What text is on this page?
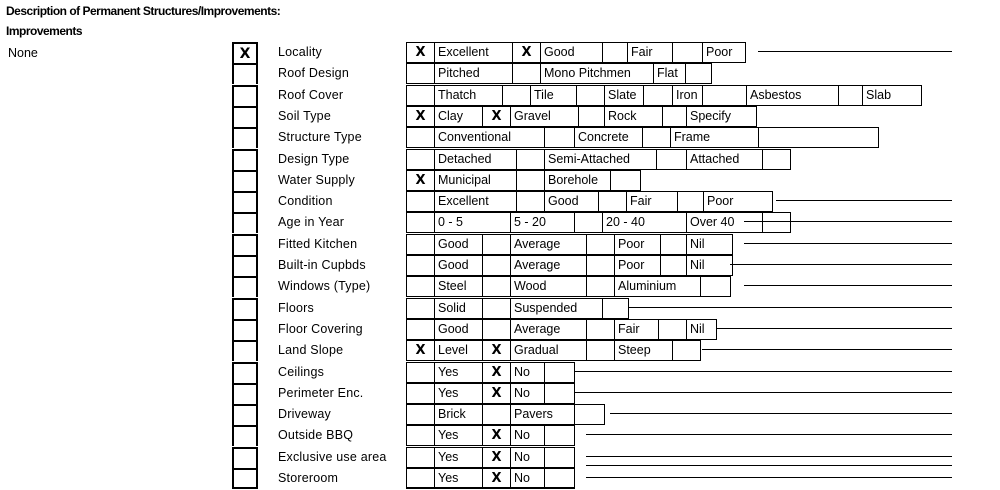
Description of Permanent Structures/Improvements:
Improvements
None	X	Locality	X Excellent	X Good	Fair	Poor
Roof Design	Pitched	Mono Pitchmen	Flat
Roof Cover	Thatch	Tile	Slate	Iron	Asbestos	Slab
Soil Type	X Clay	X Gravel	Rock	Specify
Structure Type	Conventional	Concrete	Frame
Design Type	Detached	Semi-Attached	Attached
Water Supply	X Municipal	Borehole
Condition	Excellent	Good	Fair	Poor
Age in Year	0 - 5	5 - 20	20 - 40	Over 40
Fitted Kitchen	Good	Average	Poor	Nil
Built-in Cupbds	Good	Average	Poor	Nil
Windows (Type)	Steel	Wood	Aluminium
Floors	Solid	Suspended
Floor Covering	Good	Average	Fair	Nil
Land Slope	X Level	X Gradual	Steep
Ceilings	Yes	X No
Perimeter Enc.	Yes	X No
Driveway	Brick	Pavers
Outside BBQ	Yes	X No
Exclusive use area	Yes	X No
Storeroom	Yes	X No
